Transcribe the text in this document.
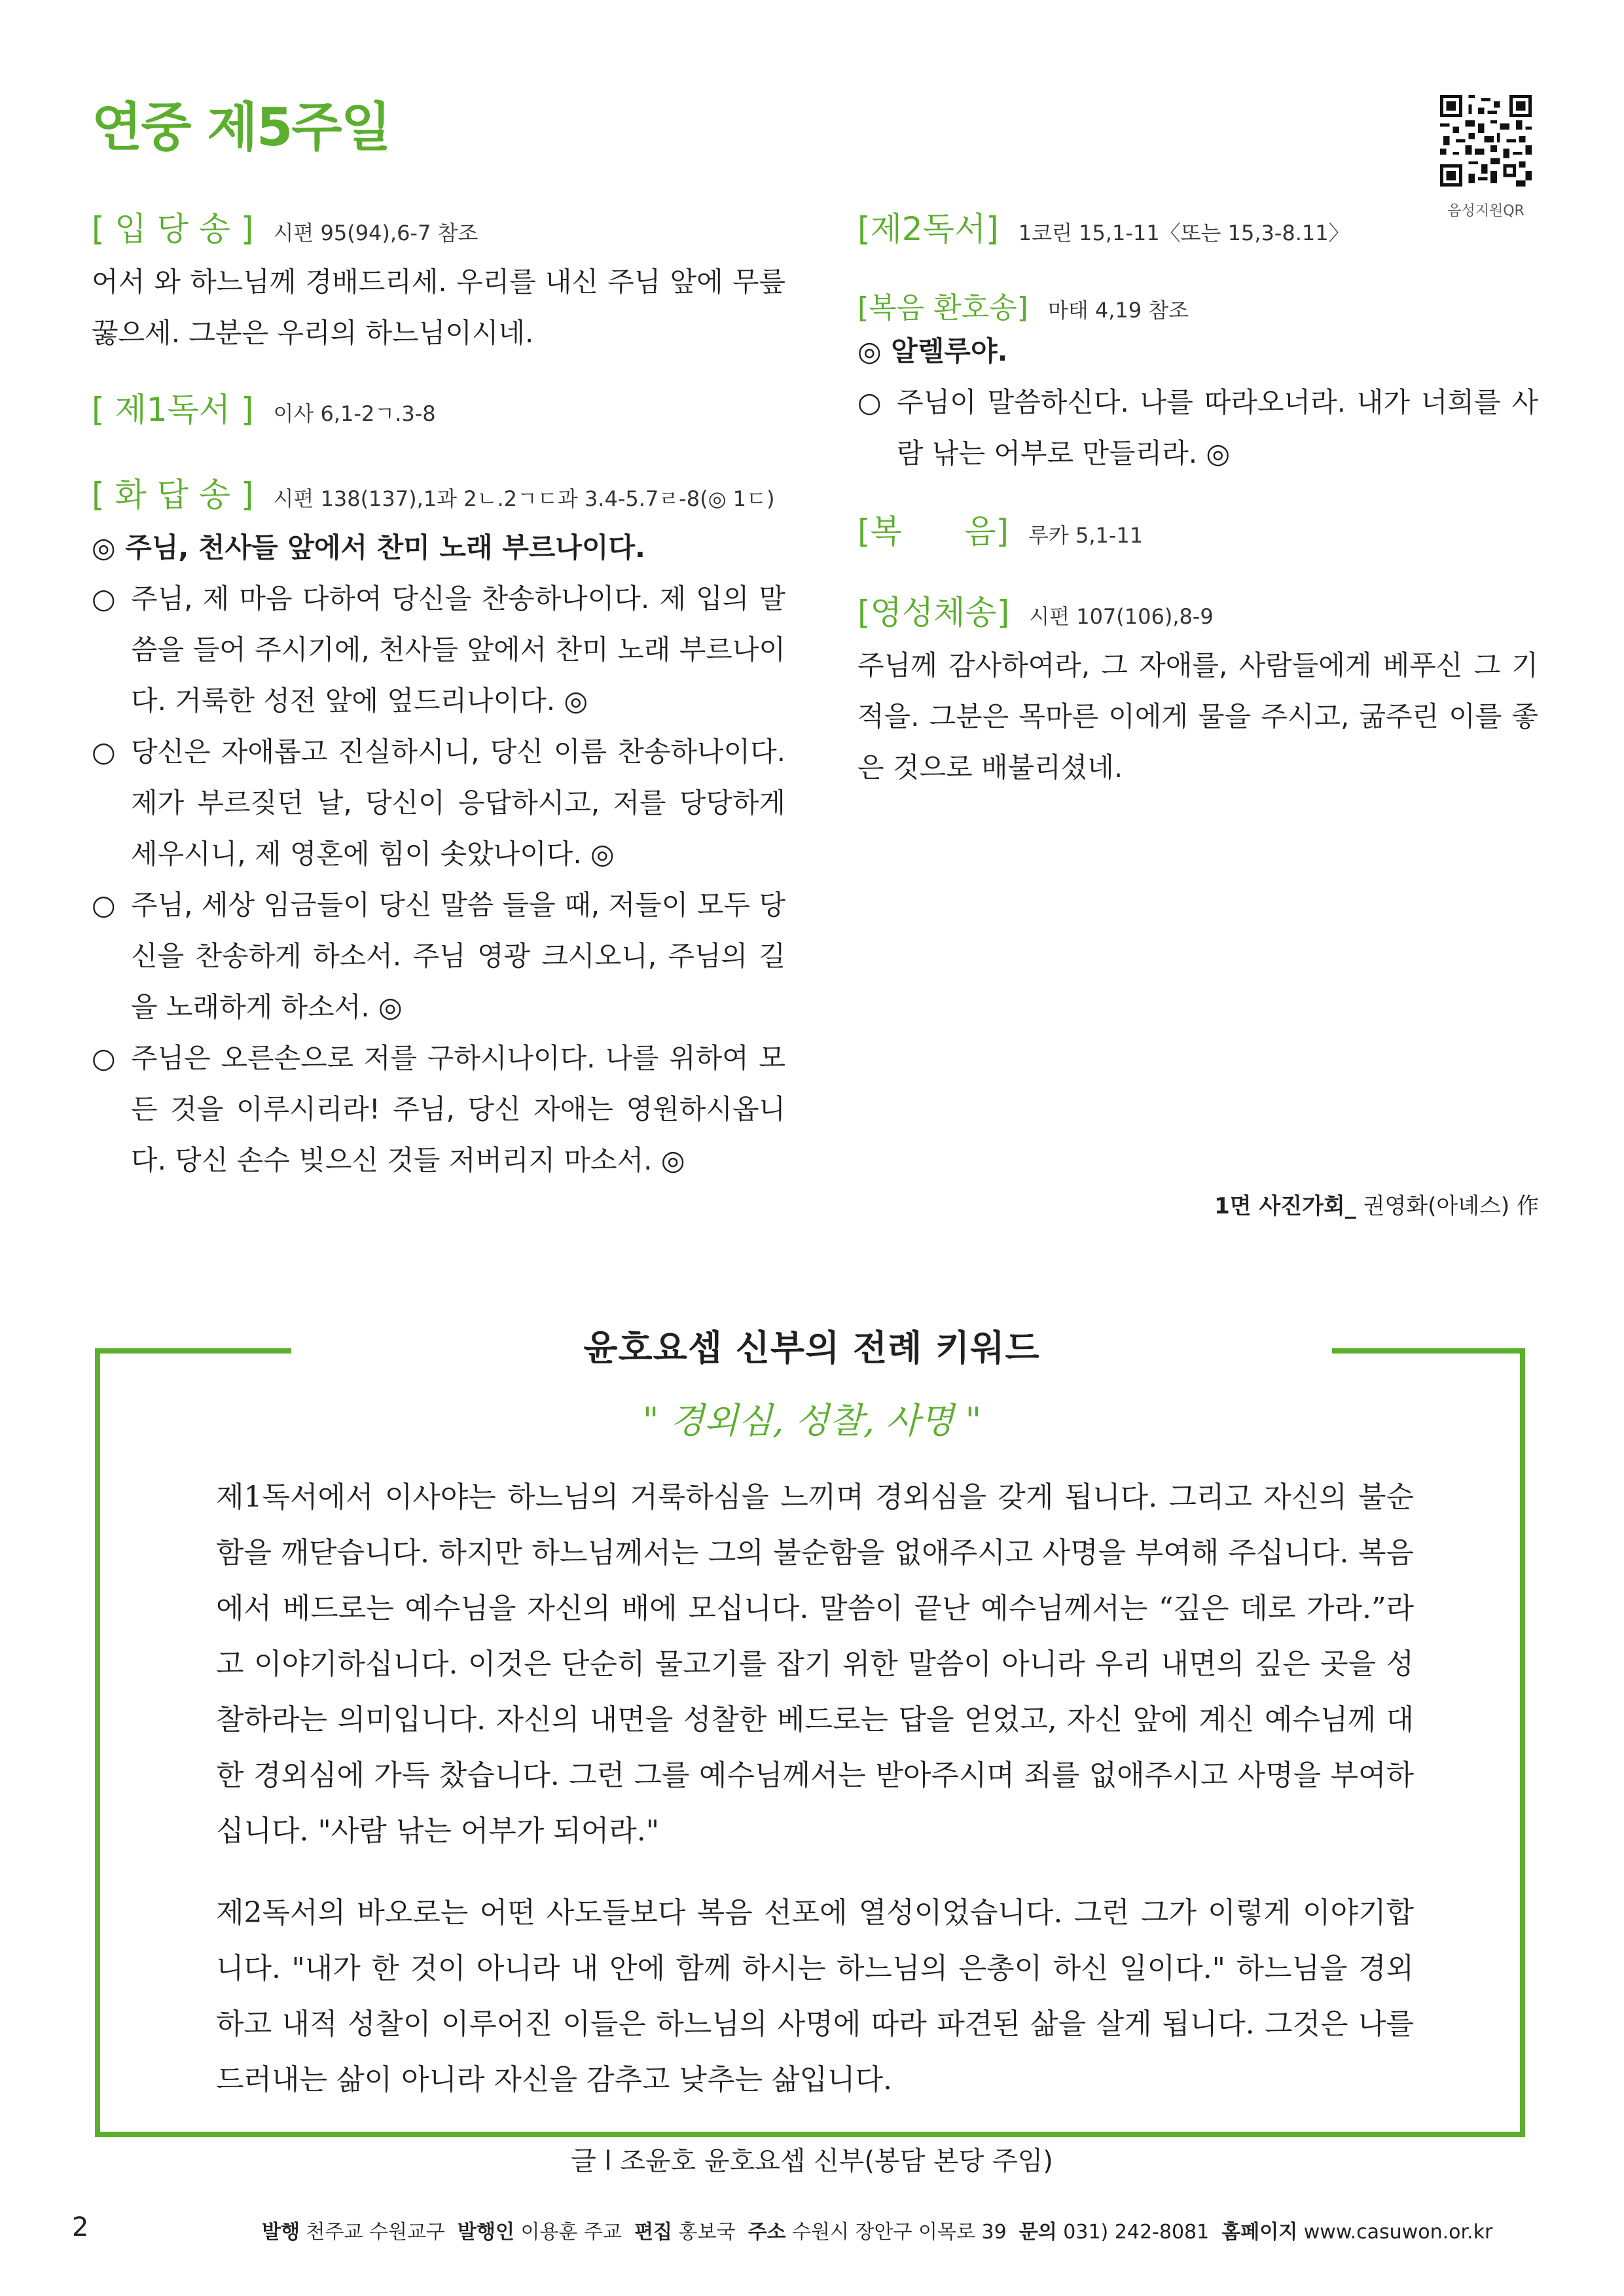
연중 제5주일
음성지원QR
[ 입 당 송 ] 시편 95(94),6-7 참조

어서 와 하느님께 경배드리세. 우리를 내신 주님 앞에 무릎 꿇으세. 그분은 우리의 하느님이시네.

[ 제1독서 ] 이사 6,1-2ㄱ.3-8
[ 화 답 송 ] 시편 138(137),1과 2ㄴ.2ㄱㄷ과 3.4-5.7ㄹ-8(◎ 1ㄷ)

◎ 주님, 천사들 앞에서 찬미 노래 부르나이다.

○ 주님, 제 마음 다하여 당신을 찬송하나이다. 제 입의 말씀을 들어 주시기에, 천사들 앞에서 찬미 노래 부르나이다. 거룩한 성전 앞에 엎드리나이다. ◎

○ 당신은 자애롭고 진실하시니, 당신 이름 찬송하나이다. 제가 부르짖던 날, 당신이 응답하시고, 저를 당당하게 세우시니, 제 영혼에 힘이 솟았나이다. ◎

○ 주님, 세상 임금들이 당신 말씀 들을 때, 저들이 모두 당신을 찬송하게 하소서. 주님 영광 크시오니, 주님의 길을 노래하게 하소서. ◎

○ 주님은 오른손으로 저를 구하시나이다. 나를 위하여 모든 것을 이루시리라! 주님, 당신 자애는 영원하시옵니다. 당신 손수 빚으신 것들 저버리지 마소서. ◎

[제2독서] 1코린 15,1-11〈또는 15,3-8.11〉
[복음 환호송] 마태 4,19 참조

◎ 알렐루야.

○ 주님이 말씀하신다. 나를 따라오너라. 내가 너희를 사람 낚는 어부로 만들리라. ◎

[복      음] 루카 5,1-11
[영성체송] 시편 107(106),8-9

주님께 감사하여라, 그 자애를, 사람들에게 베푸신 그 기적을. 그분은 목마른 이에게 물을 주시고, 굶주린 이를 좋은 것으로 배불리셨네.

1면 사진가회_ 권영화(아녜스) 作
윤호요셉 신부의 전례 키워드
" 경외심, 성찰, 사명 "

제1독서에서 이사야는 하느님의 거룩하심을 느끼며 경외심을 갖게 됩니다. 그리고 자신의 불순함을 깨닫습니다. 하지만 하느님께서는 그의 불순함을 없애주시고 사명을 부여해 주십니다. 복음에서 베드로는 예수님을 자신의 배에 모십니다. 말씀이 끝난 예수님께서는 “깊은 데로 가라.”라고 이야기하십니다. 이것은 단순히 물고기를 잡기 위한 말씀이 아니라 우리 내면의 깊은 곳을 성찰하라는 의미입니다. 자신의 내면을 성찰한 베드로는 답을 얻었고, 자신 앞에 계신 예수님께 대한 경외심에 가득 찼습니다. 그런 그를 예수님께서는 받아주시며 죄를 없애주시고 사명을 부여하십니다. "사람 낚는 어부가 되어라."

제2독서의 바오로는 어떤 사도들보다 복음 선포에 열성이었습니다. 그런 그가 이렇게 이야기합니다. "내가 한 것이 아니라 내 안에 함께 하시는 하느님의 은총이 하신 일이다." 하느님을 경외하고 내적 성찰이 이루어진 이들은 하느님의 사명에 따라 파견된 삶을 살게 됩니다. 그것은 나를 드러내는 삶이 아니라 자신을 감추고 낮추는 삶입니다.

글 l 조윤호 윤호요셉 신부(봉담 본당 주임)
2	발행 천주교 수원교구 발행인 이용훈 주교 편집 홍보국 주소 수원시 장안구 이목로 39 문의 031) 242-8081 홈페이지 www.casuwon.or.kr
